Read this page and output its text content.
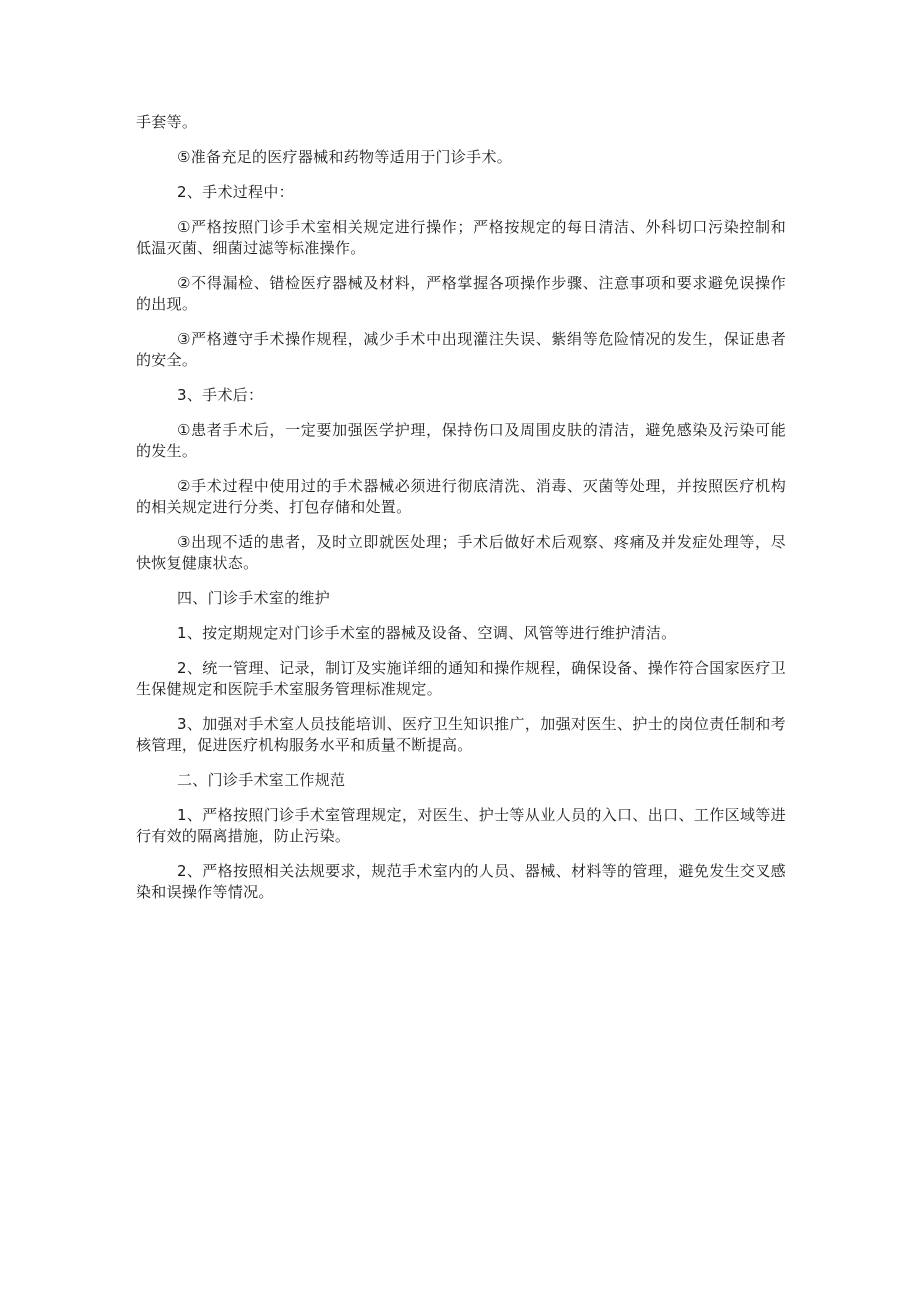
手套等。

⑤准备充足的医疗器械和药物等适用于门诊手术。

2、手术过程中：

①严格按照门诊手术室相关规定进行操作；严格按规定的每日清洁、外科切口污染控制和低温灭菌、细菌过滤等标准操作。

②不得漏检、错检医疗器械及材料，严格掌握各项操作步骤、注意事项和要求避免误操作的出现。

③严格遵守手术操作规程，减少手术中出现灌注失误、紫绢等危险情况的发生，保证患者的安全。

3、手术后：

①患者手术后，一定要加强医学护理，保持伤口及周围皮肤的清洁，避免感染及污染可能的发生。

②手术过程中使用过的手术器械必须进行彻底清洗、消毒、灭菌等处理，并按照医疗机构的相关规定进行分类、打包存储和处置。

③出现不适的患者，及时立即就医处理；手术后做好术后观察、疼痛及并发症处理等，尽快恢复健康状态。

四、门诊手术室的维护

1、按定期规定对门诊手术室的器械及设备、空调、风管等进行维护清洁。

2、统一管理、记录，制订及实施详细的通知和操作规程，确保设备、操作符合国家医疗卫生保健规定和医院手术室服务管理标准规定。

3、加强对手术室人员技能培训、医疗卫生知识推广，加强对医生、护士的岗位责任制和考核管理，促进医疗机构服务水平和质量不断提高。

二、门诊手术室工作规范

1、严格按照门诊手术室管理规定，对医生、护士等从业人员的入口、出口、工作区域等进行有效的隔离措施，防止污染。

2、严格按照相关法规要求，规范手术室内的人员、器械、材料等的管理，避免发生交叉感染和误操作等情况。
